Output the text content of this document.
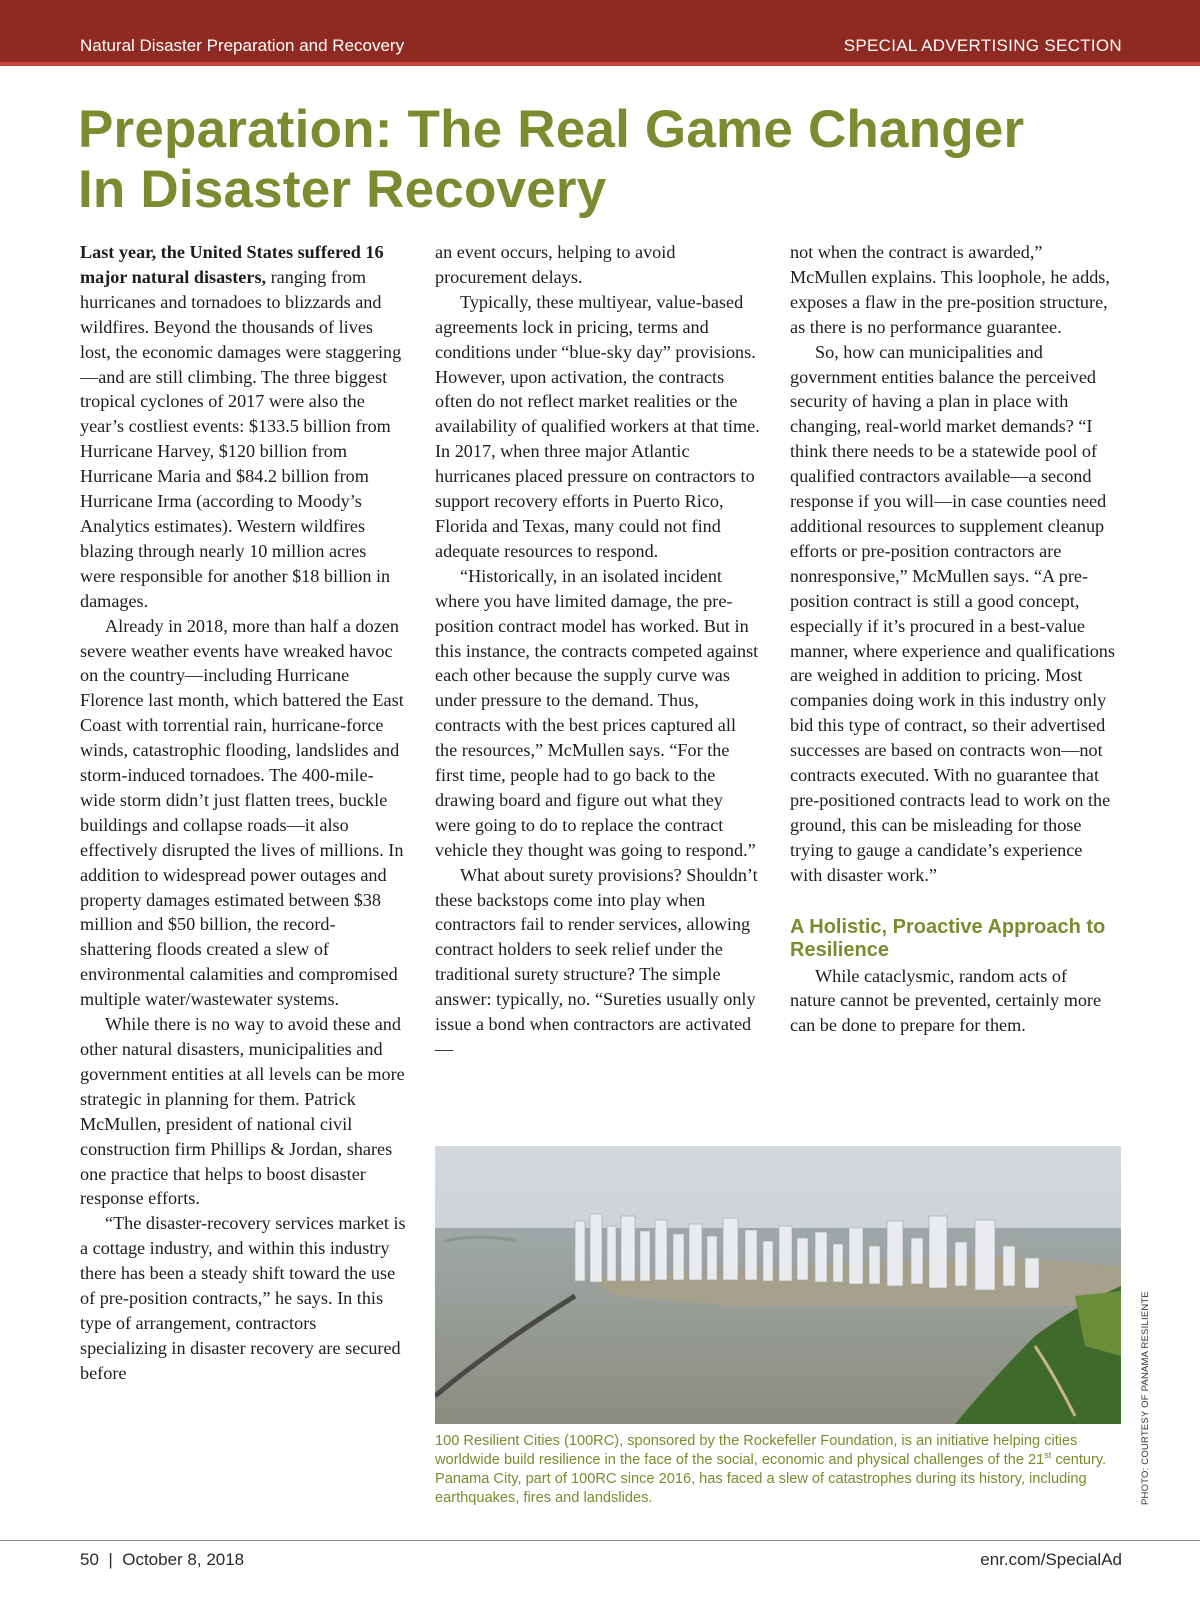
Natural Disaster Preparation and Recovery	SPECIAL ADVERTISING SECTION
Preparation: The Real Game Changer
In Disaster Recovery

Last year, the United States suffered 16 major natural disasters, ranging from hurricanes and tornadoes to blizzards and wildfires. Beyond the thousands of lives lost, the economic damages were staggering—and are still climbing. The three biggest tropical cyclones of 2017 were also the year’s costliest events: $133.5 billion from Hurricane Harvey, $120 billion from Hurricane Maria and $84.2 billion from Hurricane Irma (according to Moody’s Analytics estimates). Western wildfires blazing through nearly 10 million acres were responsible for another $18 billion in damages.

Already in 2018, more than half a dozen severe weather events have wreaked havoc on the country—including Hurricane Florence last month, which battered the East Coast with torrential rain, hurricane-force winds, catastrophic flooding, landslides and storm-induced tornadoes. The 400-mile-wide storm didn’t just flatten trees, buckle buildings and collapse roads—it also effectively disrupted the lives of millions. In addition to widespread power outages and property damages estimated between $38 million and $50 billion, the record-shattering floods created a slew of environmental calamities and compromised multiple water/wastewater systems.

While there is no way to avoid these and other natural disasters, municipalities and government entities at all levels can be more strategic in planning for them. Patrick McMullen, president of national civil construction firm Phillips & Jordan, shares one practice that helps to boost disaster response efforts.

“The disaster-recovery services market is a cottage industry, and within this industry there has been a steady shift toward the use of pre-position contracts,” he says. In this type of arrangement, contractors specializing in disaster recovery are secured before

an event occurs, helping to avoid procurement delays.

Typically, these multiyear, value-based agreements lock in pricing, terms and conditions under “blue-sky day” provisions. However, upon activation, the contracts often do not reflect market realities or the availability of qualified workers at that time. In 2017, when three major Atlantic hurricanes placed pressure on contractors to support recovery efforts in Puerto Rico, Florida and Texas, many could not find adequate resources to respond.

“Historically, in an isolated incident where you have limited damage, the pre-position contract model has worked. But in this instance, the contracts competed against each other because the supply curve was under pressure to the demand. Thus, contracts with the best prices captured all the resources,” McMullen says. “For the first time, people had to go back to the drawing board and figure out what they were going to do to replace the contract vehicle they thought was going to respond.”

What about surety provisions? Shouldn’t these backstops come into play when contractors fail to render services, allowing contract holders to seek relief under the traditional surety structure? The simple answer: typically, no. “Sureties usually only issue a bond when contractors are activated—

not when the contract is awarded,” McMullen explains. This loophole, he adds, exposes a flaw in the pre-position structure, as there is no performance guarantee.

So, how can municipalities and government entities balance the perceived security of having a plan in place with changing, real-world market demands? “I think there needs to be a statewide pool of qualified contractors available—a second response if you will—in case counties need additional resources to supplement cleanup efforts or pre-position contractors are nonresponsive,” McMullen says. “A pre-position contract is still a good concept, especially if it’s procured in a best-value manner, where experience and qualifications are weighed in addition to pricing. Most companies doing work in this industry only bid this type of contract, so their advertised successes are based on contracts won—not contracts executed. With no guarantee that pre-positioned contracts lead to work on the ground, this can be misleading for those trying to gauge a candidate’s experience with disaster work.”

A Holistic, Proactive Approach to Resilience

While cataclysmic, random acts of nature cannot be prevented, certainly more can be done to prepare for them.

100 Resilient Cities (100RC), sponsored by the Rockefeller Foundation, is an initiative helping cities worldwide build resilience in the face of the social, economic and physical challenges of the 21st century. Panama City, part of 100RC since 2016, has faced a slew of catastrophes during its history, including earthquakes, fires and landslides.	PHOTO: COURTESY OF PANAMA RESILIENTE
50  |  October 8, 2018	enr.com/SpecialAd
